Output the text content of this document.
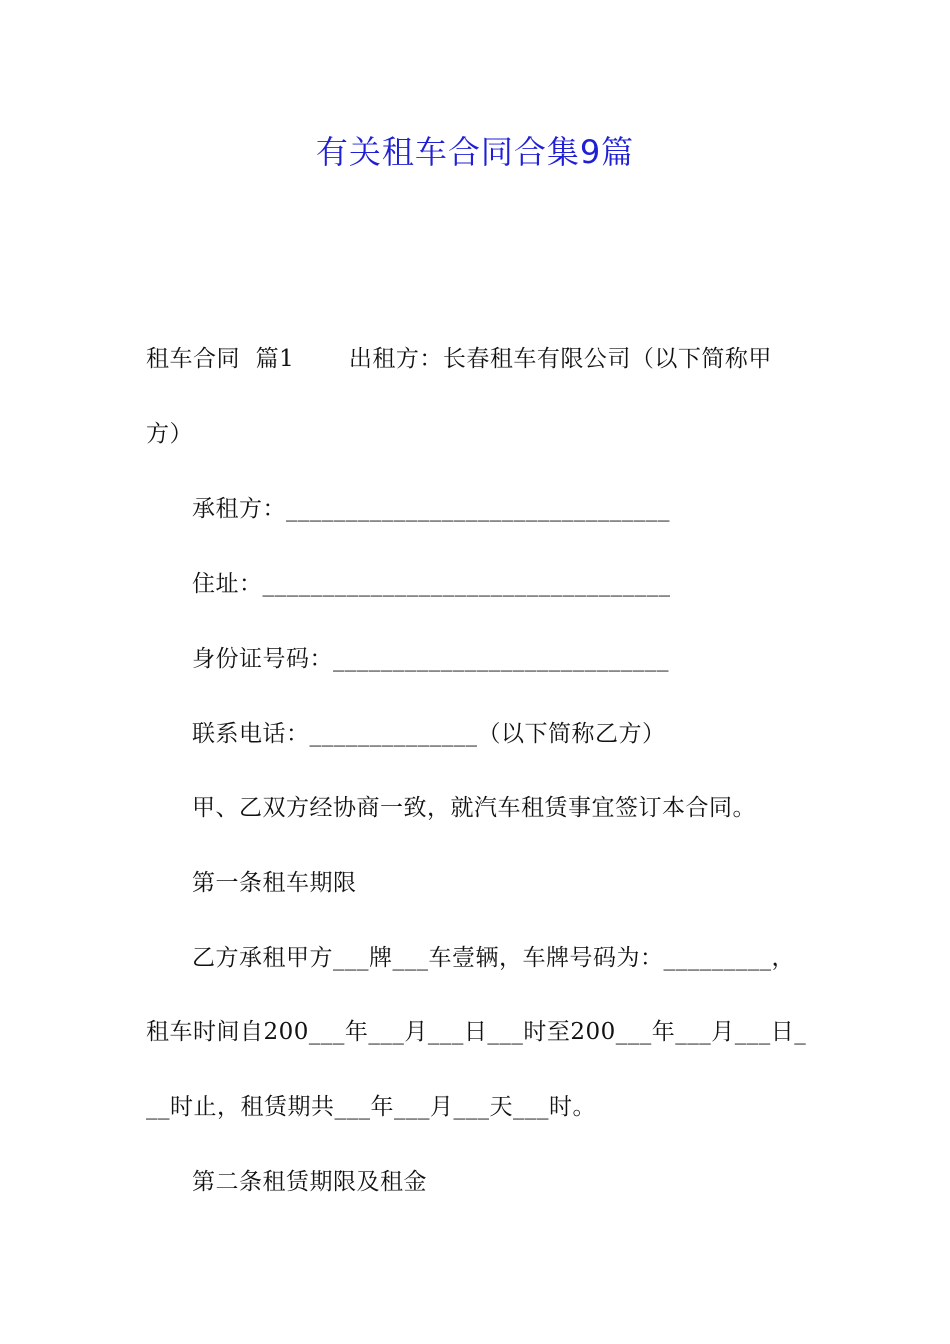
有关租车合同合集9篇
租车合同  篇1       出租方：长春租车有限公司（以下简称甲
方）
承租方：________________________________
住址：__________________________________
身份证号码：____________________________
联系电话：______________（以下简称乙方）
甲、乙双方经协商一致，就汽车租赁事宜签订本合同。
第一条租车期限
乙方承租甲方___牌___车壹辆，车牌号码为：_________，
租车时间自200___年___月___日___时至200___年___月___日_
__时止，租赁期共___年___月___天___时。
第二条租赁期限及租金
